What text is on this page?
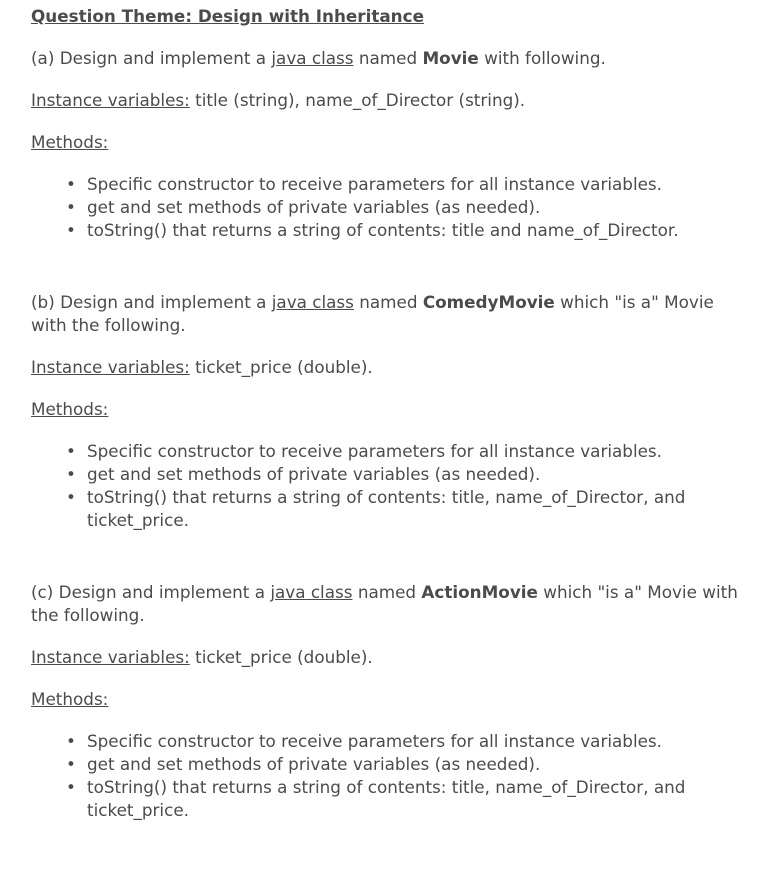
Question Theme: Design with Inheritance

(a) Design and implement a java class named Movie with following.

Instance variables: title (string), name_of_Director (string).

Methods:

• Specific constructor to receive parameters for all instance variables.
• get and set methods of private variables (as needed).
• toString() that returns a string of contents: title and name_of_Director.

(b) Design and implement a java class named ComedyMovie which "is a" Movie with the following.

Instance variables: ticket_price (double).

Methods:

• Specific constructor to receive parameters for all instance variables.
• get and set methods of private variables (as needed).
• toString() that returns a string of contents: title, name_of_Director, and ticket_price.

(c) Design and implement a java class named ActionMovie which "is a" Movie with the following.

Instance variables: ticket_price (double).

Methods:

• Specific constructor to receive parameters for all instance variables.
• get and set methods of private variables (as needed).
• toString() that returns a string of contents: title, name_of_Director, and ticket_price.
